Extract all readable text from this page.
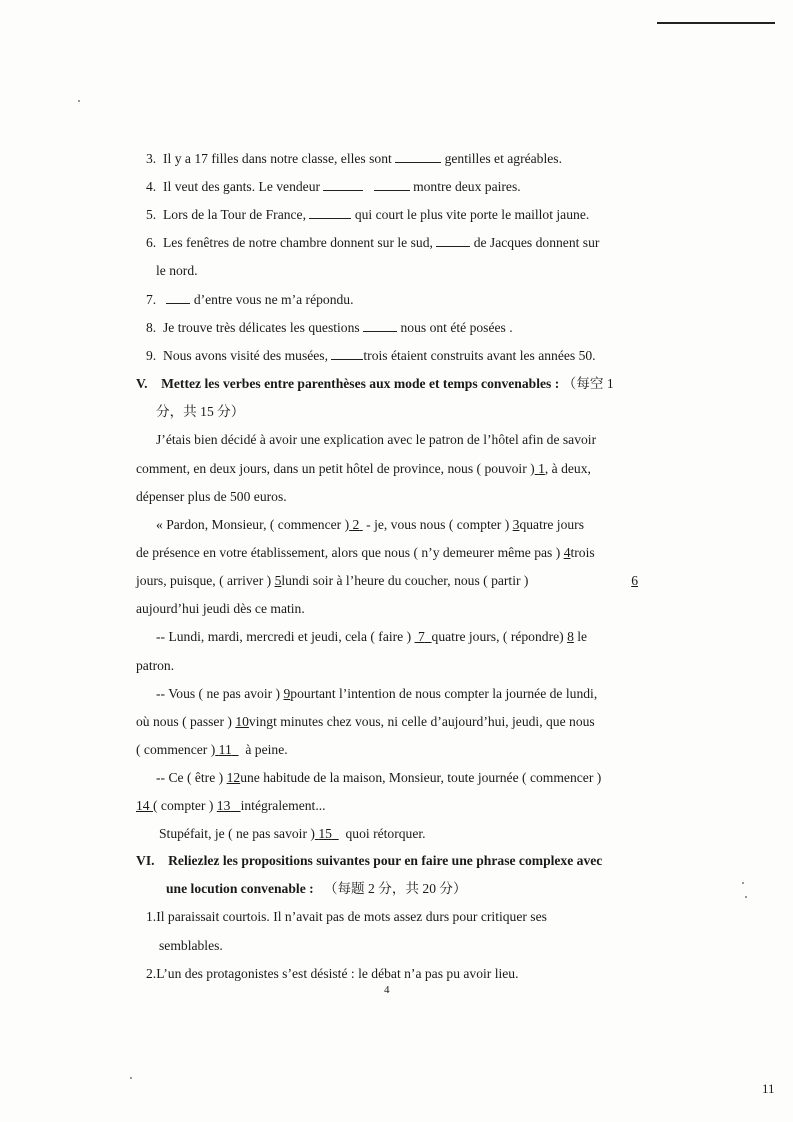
3. Il y a 17 filles dans notre classe, elles sont	gentilles et agréables.
4. Il veut des gants. Le vendeur	montre deux paires.
5. Lors de la Tour de France,	qui court le plus vite porte le maillot jaune.
6. Les fenêtres de notre chambre donnent sur le sud,	de Jacques donnent sur
le nord.
7.	d’entre vous ne m’a répondu.
8. Je trouve très délicates les questions	nous ont été posées .
9. Nous avons visité des musées,	trois étaient construits avant les années 50.
V. Mettez les verbes entre parenthèses aux mode et temps convenables : （每空 1
分，共 15 分）
J’étais bien décidé à avoir une explication avec le patron de l’hôtel afin de savoir
comment, en deux jours, dans un petit hôtel de province, nous ( pouvoir ) 1, à deux,
dépenser plus de 500 euros.
« Pardon, Monsieur, ( commencer ) 2 - je, vous nous ( compter ) 3quatre jours
de présence en votre établissement, alors que nous ( n’y demeurer même pas ) 4trois
jours, puisque, ( arriver ) 5lundi soir à l’heure du coucher, nous ( partir )	6
aujourd’hui jeudi dès ce matin.
-- Lundi, mardi, mercredi et jeudi, cela ( faire ) 7 quatre jours, ( répondre) 8 le
patron.
-- Vous ( ne pas avoir ) 9pourtant l’intention de nous compter la journée de lundi,
où nous ( passer ) 10vingt minutes chez vous, ni celle d’aujourd’hui, jeudi, que nous
( commencer ) 11 à peine.
-- Ce ( être ) 12une habitude de la maison, Monsieur, toute journée ( commencer )
14 ( compter ) 13 intégralement...
Stupéfait, je ( ne pas savoir ) 15 quoi rétorquer.
VI. Reliezlez les propositions suivantes pour en faire une phrase complexe avec
une locution convenable : （每题 2 分，共 20 分）
1.Il paraissait courtois. Il n’avait pas de mots assez durs pour critiquer ses
semblables.
2.L’un des protagonistes s’est désisté : le débat n’a pas pu avoir lieu.
4
11
